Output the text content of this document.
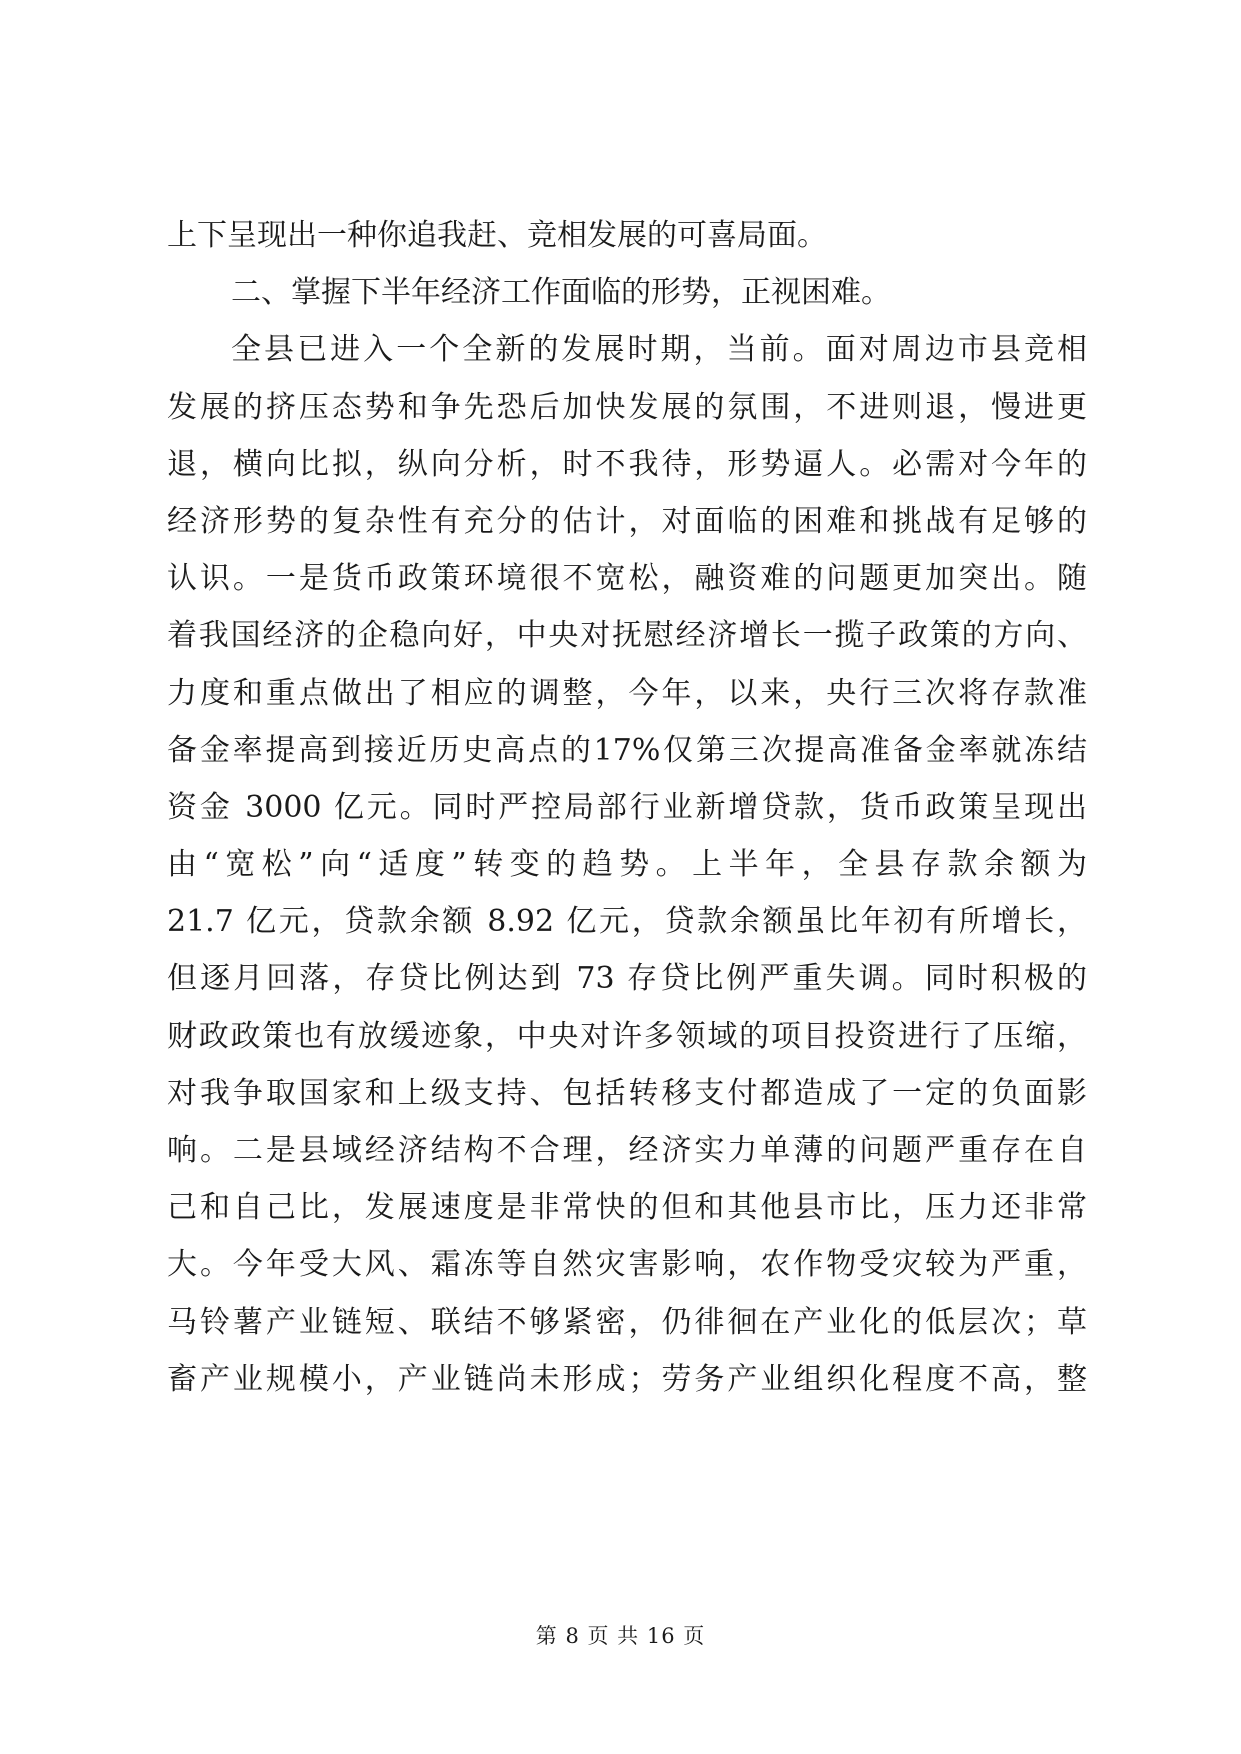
上下呈现出一种你追我赶、竞相发展的可喜局面。
二、掌握下半年经济工作面临的形势，正视困难。
全县已进入一个全新的发展时期，当前。面对周边市县竞相
发展的挤压态势和争先恐后加快发展的氛围，不进则退，慢进更
退，横向比拟，纵向分析，时不我待，形势逼人。必需对今年的
经济形势的复杂性有充分的估计，对面临的困难和挑战有足够的
认识。一是货币政策环境很不宽松，融资难的问题更加突出。随
着我国经济的企稳向好，中央对抚慰经济增长一揽子政策的方向、
力度和重点做出了相应的调整，今年，以来，央行三次将存款准
备金率提高到接近历史高点的17%仅第三次提高准备金率就冻结
资金 3000 亿元。同时严控局部行业新增贷款，货币政策呈现出
由“宽松”向“适度”转变的趋势。上半年，全县存款余额为
21.7 亿元，贷款余额 8.92 亿元，贷款余额虽比年初有所增长，
但逐月回落，存贷比例达到 73 存贷比例严重失调。同时积极的
财政政策也有放缓迹象，中央对许多领域的项目投资进行了压缩，
对我争取国家和上级支持、包括转移支付都造成了一定的负面影
响。二是县域经济结构不合理，经济实力单薄的问题严重存在自
己和自己比，发展速度是非常快的但和其他县市比，压力还非常
大。今年受大风、霜冻等自然灾害影响，农作物受灾较为严重，
马铃薯产业链短、联结不够紧密，仍徘徊在产业化的低层次；草
畜产业规模小，产业链尚未形成；劳务产业组织化程度不高，整
第 8 页 共 16 页
